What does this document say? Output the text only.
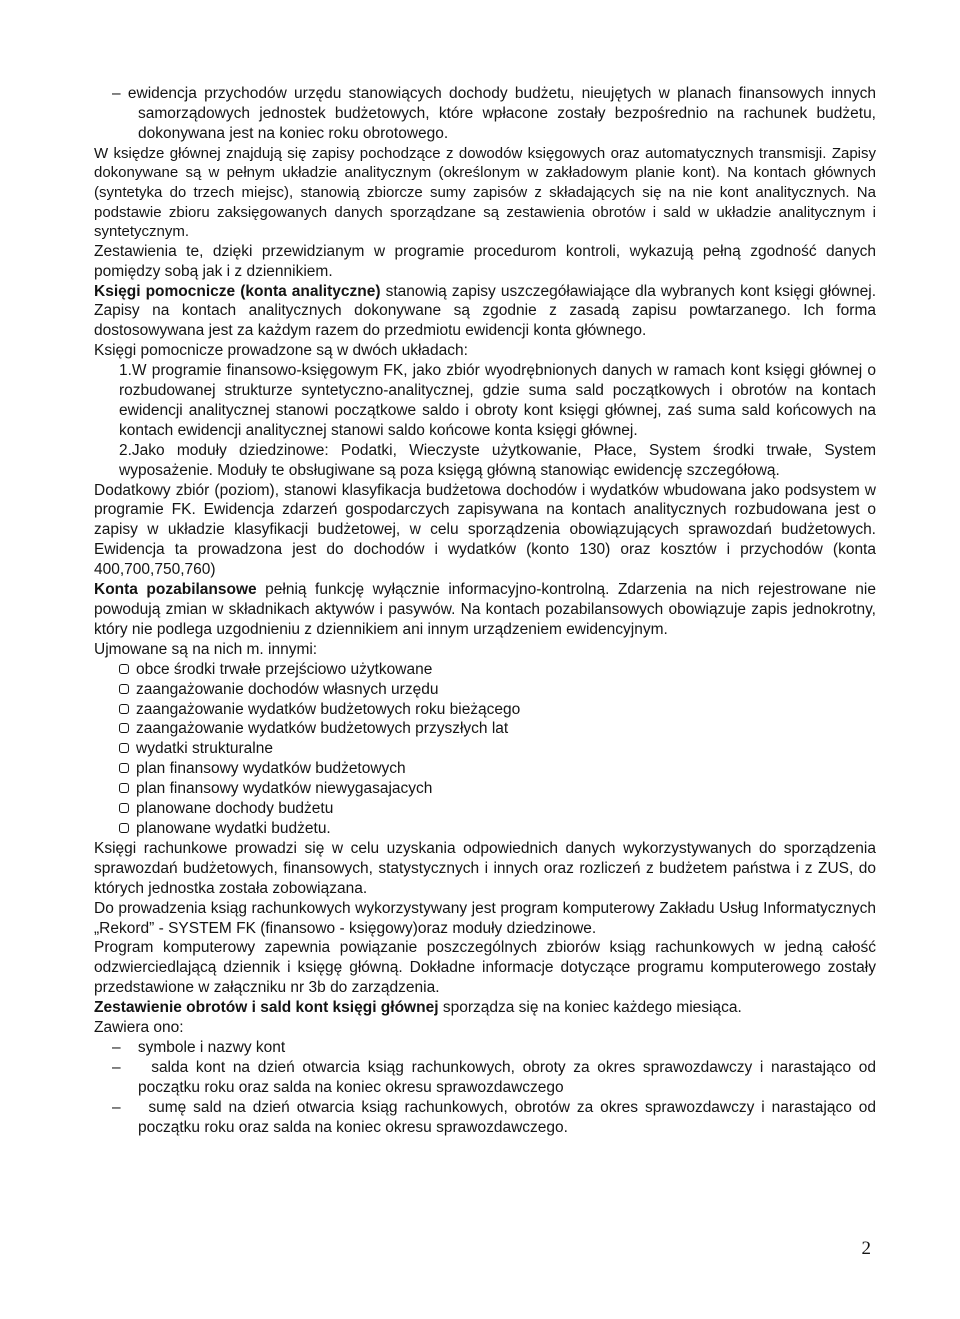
– ewidencja przychodów urzędu stanowiących dochody budżetu, nieujętych w planach finansowych innych samorządowych jednostek budżetowych, które wpłacone zostały bezpośrednio na rachunek budżetu, dokonywana jest na koniec roku obrotowego.

W księdze głównej znajdują się zapisy pochodzące z dowodów księgowych oraz automatycznych transmisji. Zapisy dokonywane są w pełnym układzie analitycznym (określonym w zakładowym planie kont). Na kontach głównych (syntetyka do trzech miejsc), stanowią zbiorcze sumy zapisów z składających się na nie kont analitycznych. Na podstawie zbioru zaksięgowanych danych sporządzane są zestawienia obrotów i sald w układzie analitycznym i syntetycznym.

Zestawienia te, dzięki przewidzianym w programie procedurom kontroli, wykazują pełną zgodność danych pomiędzy sobą jak i z dziennikiem.

Księgi pomocnicze (konta analityczne) stanowią zapisy uszczegóławiające dla wybranych kont księgi głównej. Zapisy na kontach analitycznych dokonywane są zgodnie z zasadą zapisu powtarzanego. Ich forma dostosowywana jest za każdym razem do przedmiotu ewidencji konta głównego.

Księgi pomocnicze prowadzone są w dwóch układach:

1.W programie finansowo-księgowym FK, jako zbiór wyodrębnionych danych w ramach kont księgi głównej o rozbudowanej strukturze syntetyczno-analitycznej, gdzie suma sald początkowych i obrotów na kontach ewidencji analitycznej stanowi początkowe saldo i obroty kont księgi głównej, zaś suma sald końcowych na kontach ewidencji analitycznej stanowi saldo końcowe konta księgi głównej.

2.Jako moduły dziedzinowe: Podatki, Wieczyste użytkowanie, Płace, System środki trwałe, System wyposażenie. Moduły te obsługiwane są poza księgą główną stanowiąc ewidencję szczegółową.

Dodatkowy zbiór (poziom), stanowi klasyfikacja budżetowa dochodów i wydatków wbudowana jako podsystem w programie FK. Ewidencja zdarzeń gospodarczych zapisywana na kontach analitycznych rozbudowana jest o zapisy w układzie klasyfikacji budżetowej, w celu sporządzenia obowiązujących sprawozdań budżetowych. Ewidencja ta prowadzona jest do dochodów i wydatków (konto 130) oraz kosztów i przychodów (konta 400,700,750,760)

Konta pozabilansowe pełnią funkcję wyłącznie informacyjno-kontrolną. Zdarzenia na nich rejestrowane nie powodują zmian w składnikach aktywów i pasywów. Na kontach pozabilansowych obowiązuje zapis jednokrotny, który nie podlega uzgodnieniu z dziennikiem ani innym urządzeniem ewidencyjnym.

Ujmowane są na nich m. innymi:

obce środki trwałe przejściowo użytkowane

zaangażowanie dochodów własnych urzędu

zaangażowanie wydatków budżetowych roku bieżącego

zaangażowanie wydatków budżetowych przyszłych lat

wydatki strukturalne

plan finansowy wydatków budżetowych

plan finansowy wydatków niewygasajacych

planowane dochody budżetu

planowane wydatki budżetu.

Księgi rachunkowe prowadzi się w celu uzyskania odpowiednich danych wykorzystywanych do sporządzenia sprawozdań budżetowych, finansowych, statystycznych i innych oraz rozliczeń z budżetem państwa i z ZUS, do których jednostka została zobowiązana.

Do prowadzenia ksiąg rachunkowych wykorzystywany jest program komputerowy Zakładu Usług Informatycznych „Rekord” - SYSTEM FK (finansowo - księgowy)oraz moduły dziedzinowe.

Program komputerowy zapewnia powiązanie poszczególnych zbiorów ksiąg rachunkowych w jedną całość odzwierciedlającą dziennik i księgę główną. Dokładne informacje dotyczące programu komputerowego zostały przedstawione w załączniku nr 3b do zarządzenia.

Zestawienie obrotów i sald kont księgi głównej sporządza się na koniec każdego miesiąca.

Zawiera ono:

–    symbole i nazwy kont

–    salda kont na dzień otwarcia ksiąg rachunkowych, obroty za okres sprawozdawczy i narastająco od początku roku oraz salda na koniec okresu sprawozdawczego

–    sumę sald na dzień otwarcia ksiąg rachunkowych, obrotów za okres sprawozdawczy i narastająco od początku roku oraz salda na koniec okresu sprawozdawczego.

2
